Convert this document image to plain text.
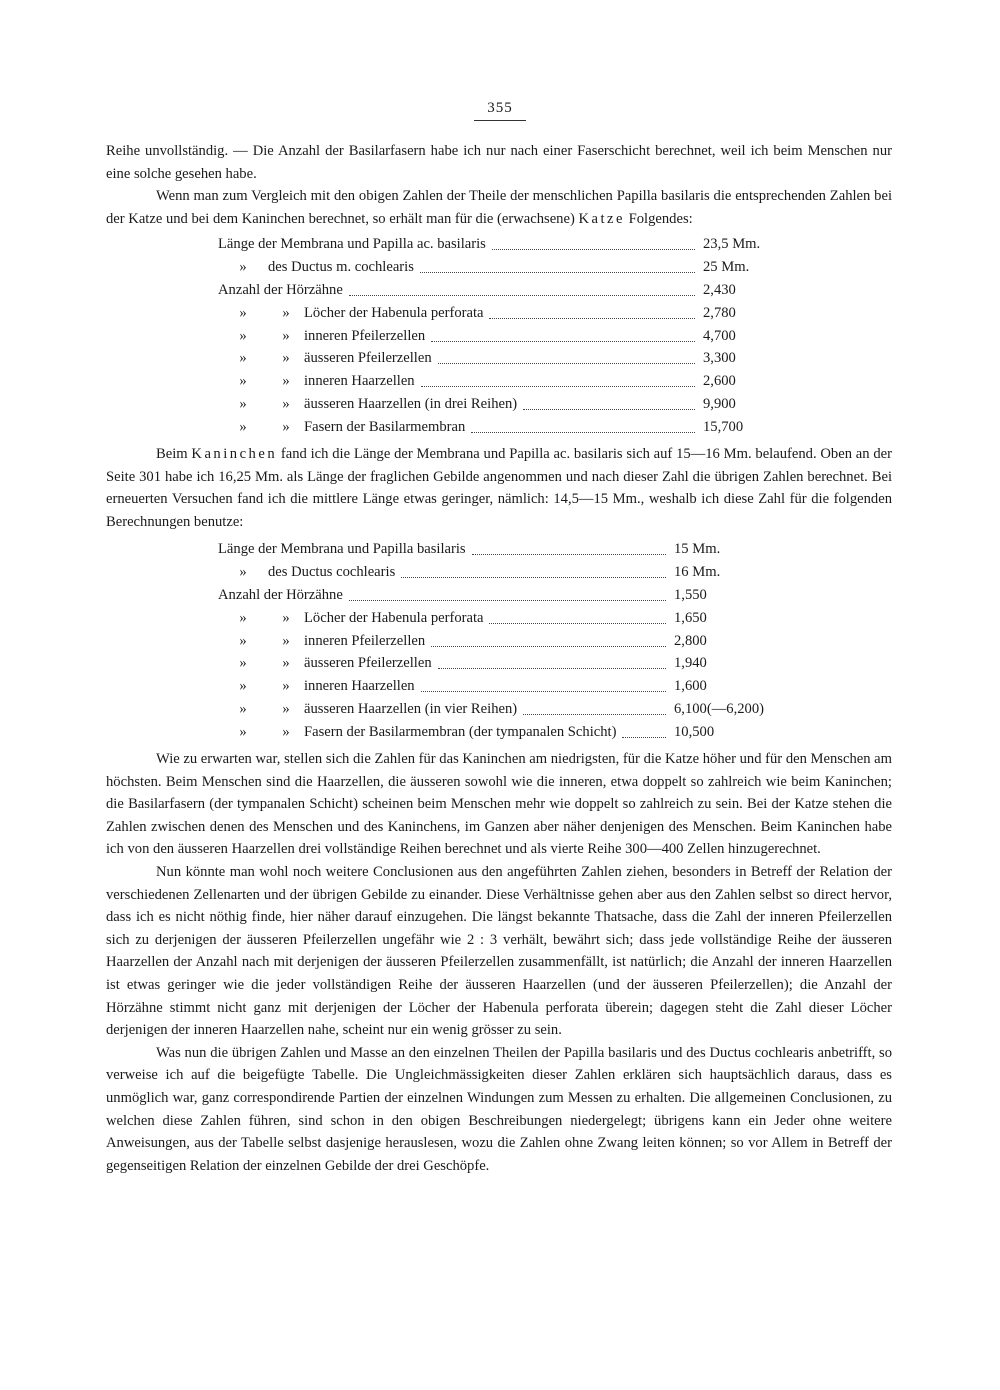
355

Reihe unvollständig. — Die Anzahl der Basilarfasern habe ich nur nach einer Faserschicht berechnet, weil ich beim Menschen nur eine solche gesehen habe.

Wenn man zum Vergleich mit den obigen Zahlen der Theile der menschlichen Papilla basilaris die entsprechenden Zahlen bei der Katze und bei dem Kaninchen berechnet, so erhält man für die (erwachsene) Katze Folgendes:

Länge der Membrana und Papilla ac. basilaris	23,5 Mm.
»	des Ductus m. cochlearis	25 Mm.
Anzahl der Hörzähne	2,430
»	» Löcher der Habenula perforata	2,780
»	» inneren Pfeilerzellen	4,700
»	» äusseren Pfeilerzellen	3,300
»	» inneren Haarzellen	2,600
»	» äusseren Haarzellen (in drei Reihen)	9,900
»	» Fasern der Basilarmembran	15,700

Beim Kaninchen fand ich die Länge der Membrana und Papilla ac. basilaris sich auf 15—16 Mm. belaufend. Oben an der Seite 301 habe ich 16,25 Mm. als Länge der fraglichen Gebilde angenommen und nach dieser Zahl die übrigen Zahlen berechnet. Bei erneuerten Versuchen fand ich die mittlere Länge etwas geringer, nämlich: 14,5—15 Mm., weshalb ich diese Zahl für die folgenden Berechnungen benutze:

Länge der Membrana und Papilla basilaris	15 Mm.
»	des Ductus cochlearis	16 Mm.
Anzahl der Hörzähne	1,550
»	» Löcher der Habenula perforata	1,650
»	» inneren Pfeilerzellen	2,800
»	» äusseren Pfeilerzellen	1,940
»	» inneren Haarzellen	1,600
»	» äusseren Haarzellen (in vier Reihen)	6,100(—6,200)
»	» Fasern der Basilarmembran (der tympanalen Schicht)	10,500

Wie zu erwarten war, stellen sich die Zahlen für das Kaninchen am niedrigsten, für die Katze höher und für den Menschen am höchsten. Beim Menschen sind die Haarzellen, die äusseren sowohl wie die inneren, etwa doppelt so zahlreich wie beim Kaninchen; die Basilarfasern (der tympanalen Schicht) scheinen beim Menschen mehr wie doppelt so zahlreich zu sein. Bei der Katze stehen die Zahlen zwischen denen des Menschen und des Kaninchens, im Ganzen aber näher denjenigen des Menschen. Beim Kaninchen habe ich von den äusseren Haarzellen drei vollständige Reihen berechnet und als vierte Reihe 300—400 Zellen hinzugerechnet.

Nun könnte man wohl noch weitere Conclusionen aus den angeführten Zahlen ziehen, besonders in Betreff der Relation der verschiedenen Zellenarten und der übrigen Gebilde zu einander. Diese Verhältnisse gehen aber aus den Zahlen selbst so direct hervor, dass ich es nicht nöthig finde, hier näher darauf einzugehen. Die längst bekannte Thatsache, dass die Zahl der inneren Pfeilerzellen sich zu derjenigen der äusseren Pfeilerzellen ungefähr wie 2 : 3 verhält, bewährt sich; dass jede vollständige Reihe der äusseren Haarzellen der Anzahl nach mit derjenigen der äusseren Pfeilerzellen zusammenfällt, ist natürlich; die Anzahl der inneren Haarzellen ist etwas geringer wie die jeder vollständigen Reihe der äusseren Haarzellen (und der äusseren Pfeilerzellen); die Anzahl der Hörzähne stimmt nicht ganz mit derjenigen der Löcher der Habenula perforata überein; dagegen steht die Zahl dieser Löcher derjenigen der inneren Haarzellen nahe, scheint nur ein wenig grösser zu sein.

Was nun die übrigen Zahlen und Masse an den einzelnen Theilen der Papilla basilaris und des Ductus cochlearis anbetrifft, so verweise ich auf die beigefügte Tabelle. Die Ungleichmässigkeiten dieser Zahlen erklären sich hauptsächlich daraus, dass es unmöglich war, ganz correspondirende Partien der einzelnen Windungen zum Messen zu erhalten. Die allgemeinen Conclusionen, zu welchen diese Zahlen führen, sind schon in den obigen Beschreibungen niedergelegt; übrigens kann ein Jeder ohne weitere Anweisungen, aus der Tabelle selbst dasjenige herauslesen, wozu die Zahlen ohne Zwang leiten können; so vor Allem in Betreff der gegenseitigen Relation der einzelnen Gebilde der drei Geschöpfe.
